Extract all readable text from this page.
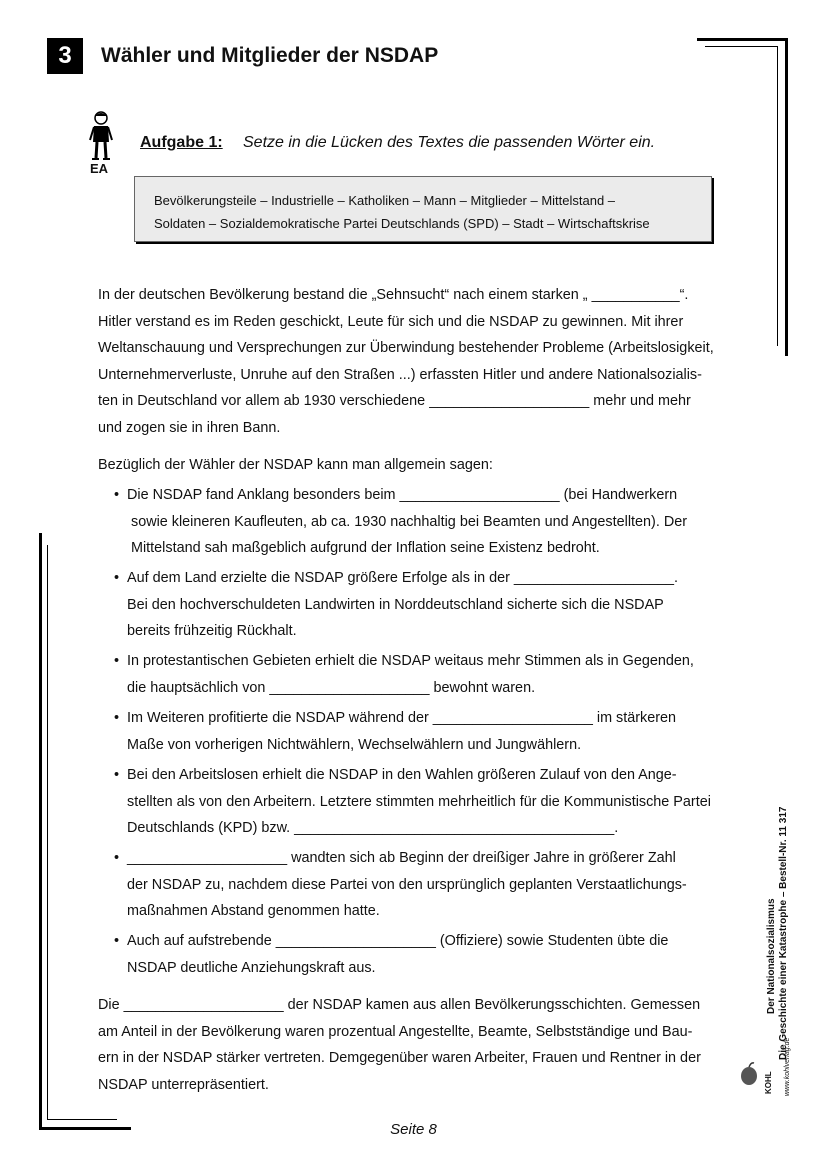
3	Wähler und Mitglieder der NSDAP
EA
Aufgabe 1: Setze in die Lücken des Textes die passenden Wörter ein.
Bevölkerungsteile – Industrielle – Katholiken – Mann – Mitglieder – Mittelstand –
Soldaten – Sozialdemokratische Partei Deutschlands (SPD) – Stadt – Wirtschaftskrise
In der deutschen Bevölkerung bestand die „Sehnsucht“ nach einem starken „ ___________“.
Hitler verstand es im Reden geschickt, Leute für sich und die NSDAP zu gewinnen. Mit ihrer
Weltanschauung und Versprechungen zur Überwindung bestehender Probleme (Arbeitslosigkeit,
Unternehmerverluste, Unruhe auf den Straßen ...) erfassten Hitler und andere Nationalsozialis-
ten in Deutschland vor allem ab 1930 verschiedene ____________________ mehr und mehr
und zogen sie in ihren Bann.
Bezüglich der Wähler der NSDAP kann man allgemein sagen:
• Die NSDAP fand Anklang besonders beim ____________________ (bei Handwerkern
sowie kleineren Kaufleuten, ab ca. 1930 nachhaltig bei Beamten und Angestellten). Der
Mittelstand sah maßgeblich aufgrund der Inflation seine Existenz bedroht.
• Auf dem Land erzielte die NSDAP größere Erfolge als in der ____________________.
Bei den hochverschuldeten Landwirten in Norddeutschland sicherte sich die NSDAP
bereits frühzeitig Rückhalt.
• In protestantischen Gebieten erhielt die NSDAP weitaus mehr Stimmen als in Gegenden,
die hauptsächlich von ____________________ bewohnt waren.
• Im Weiteren profitierte die NSDAP während der ____________________ im stärkeren
Maße von vorherigen Nichtwählern, Wechselwählern und Jungwählern.
• Bei den Arbeitslosen erhielt die NSDAP in den Wahlen größeren Zulauf von den Ange-
stellten als von den Arbeitern. Letztere stimmten mehrheitlich für die Kommunistische Partei
Deutschlands (KPD) bzw. ________________________________________.
• ____________________ wandten sich ab Beginn der dreißiger Jahre in größerer Zahl
der NSDAP zu, nachdem diese Partei von den ursprünglich geplanten Verstaatlichungs-
maßnahmen Abstand genommen hatte.
• Auch auf aufstrebende ____________________ (Offiziere) sowie Studenten übte die
NSDAP deutliche Anziehungskraft aus.
Die ____________________ der NSDAP kamen aus allen Bevölkerungsschichten. Gemessen
am Anteil in der Bevölkerung waren prozentual Angestellte, Beamte, Selbstständige und Bau-
ern in der NSDAP stärker vertreten. Demgegenüber waren Arbeiter, Frauen und Rentner in der
NSDAP unterrepräsentiert.
Der Nationalsozialismus Die Geschichte einer Katastrophe – Bestell-Nr. 11 317
KOHL www.kohlverlag.de
Seite 8
